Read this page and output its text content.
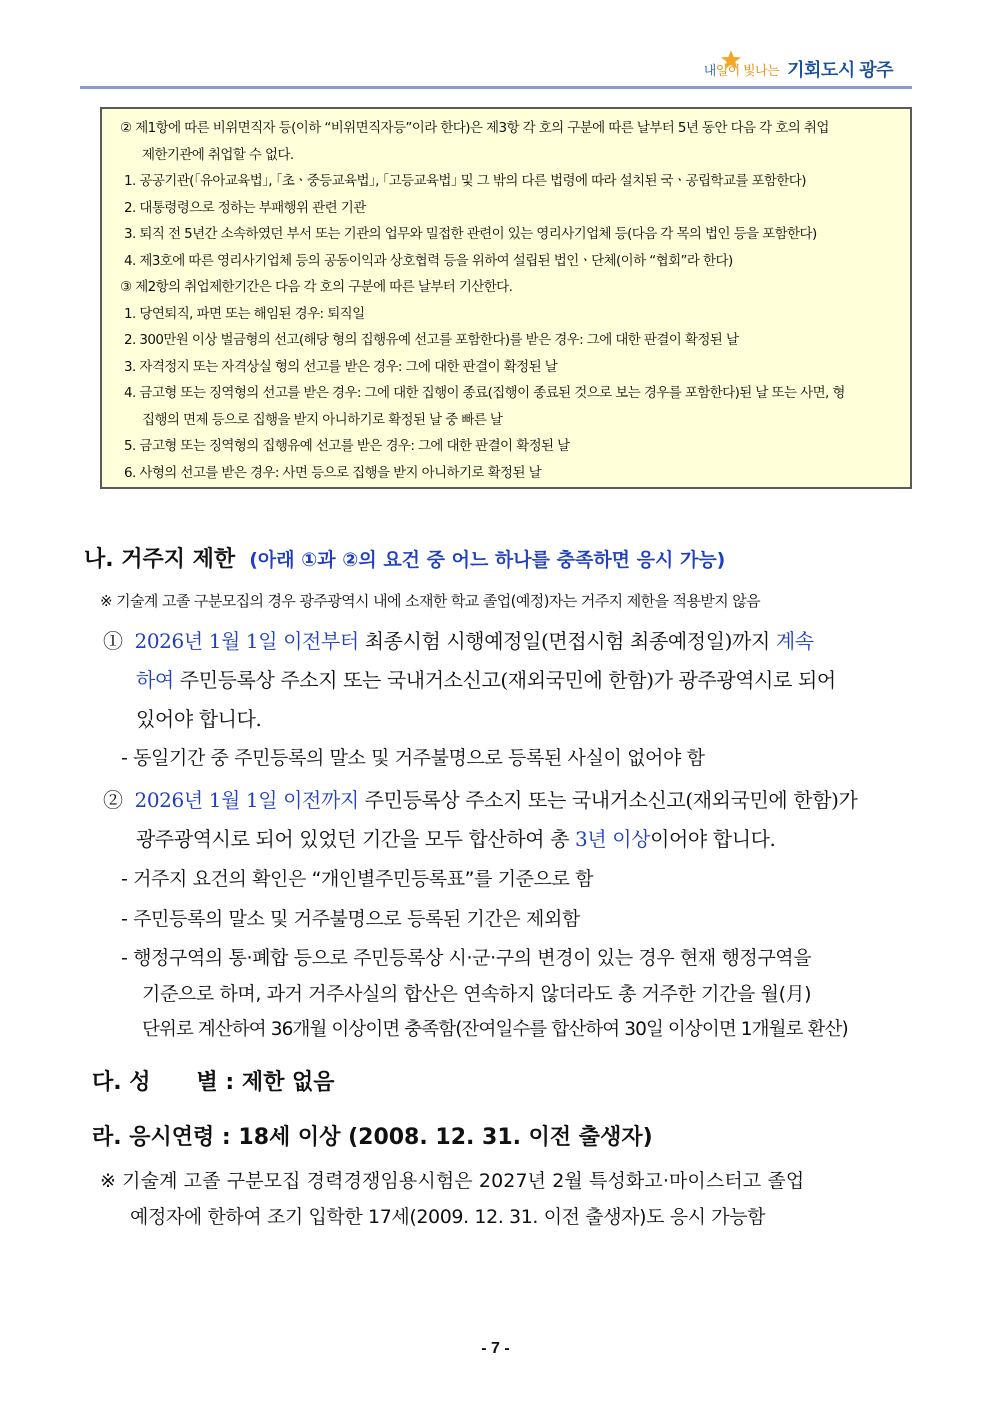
내일이 빛나는 기회도시 광주
② 제1항에 따른 비위면직자 등(이하 “비위면직자등”이라 한다)은 제3항 각 호의 구분에 따른 날부터 5년 동안 다음 각 호의 취업
제한기관에 취업할 수 없다.
1. 공공기관(｢유아교육법｣, ｢초ㆍ중등교육법｣, ｢고등교육법｣ 및 그 밖의 다른 법령에 따라 설치된 국ㆍ공립학교를 포함한다)
2. 대통령령으로 정하는 부패행위 관련 기관
3. 퇴직 전 5년간 소속하였던 부서 또는 기관의 업무와 밀접한 관련이 있는 영리사기업체 등(다음 각 목의 법인 등을 포함한다)
4. 제3호에 따른 영리사기업체 등의 공동이익과 상호협력 등을 위하여 설립된 법인ㆍ단체(이하 “협회”라 한다)
③ 제2항의 취업제한기간은 다음 각 호의 구분에 따른 날부터 기산한다.
1. 당연퇴직, 파면 또는 해임된 경우: 퇴직일
2. 300만원 이상 벌금형의 선고(해당 형의 집행유예 선고를 포함한다)를 받은 경우: 그에 대한 판결이 확정된 날
3. 자격정지 또는 자격상실 형의 선고를 받은 경우: 그에 대한 판결이 확정된 날
4. 금고형 또는 징역형의 선고를 받은 경우: 그에 대한 집행이 종료(집행이 종료된 것으로 보는 경우를 포함한다)된 날 또는 사면, 형
집행의 면제 등으로 집행을 받지 아니하기로 확정된 날 중 빠른 날
5. 금고형 또는 징역형의 집행유예 선고를 받은 경우: 그에 대한 판결이 확정된 날
6. 사형의 선고를 받은 경우: 사면 등으로 집행을 받지 아니하기로 확정된 날
나. 거주지 제한 (아래 ①과 ②의 요건 중 어느 하나를 충족하면 응시 가능)
※ 기술계 고졸 구분모집의 경우 광주광역시 내에 소재한 학교 졸업(예정)자는 거주지 제한을 적용받지 않음
① 2026년 1월 1일 이전부터 최종시험 시행예정일(면접시험 최종예정일)까지 계속
하여 주민등록상 주소지 또는 국내거소신고(재외국민에 한함)가 광주광역시로 되어
있어야 합니다.
- 동일기간 중 주민등록의 말소 및 거주불명으로 등록된 사실이 없어야 함
② 2026년 1월 1일 이전까지 주민등록상 주소지 또는 국내거소신고(재외국민에 한함)가
광주광역시로 되어 있었던 기간을 모두 합산하여 총 3년 이상이어야 합니다.
- 거주지 요건의 확인은 “개인별주민등록표”를 기준으로 함
- 주민등록의 말소 및 거주불명으로 등록된 기간은 제외함
- 행정구역의 통·폐합 등으로 주민등록상 시·군·구의 변경이 있는 경우 현재 행정구역을
기준으로 하며, 과거 거주사실의 합산은 연속하지 않더라도 총 거주한 기간을 월(月)
단위로 계산하여 36개월 이상이면 충족함(잔여일수를 합산하여 30일 이상이면 1개월로 환산)
다. 성      별 : 제한 없음
라. 응시연령 : 18세 이상 (2008. 12. 31. 이전 출생자)
※ 기술계 고졸 구분모집 경력경쟁임용시험은 2027년 2월 특성화고·마이스터고 졸업
예정자에 한하여 조기 입학한 17세(2009. 12. 31. 이전 출생자)도 응시 가능함
- 7 -
